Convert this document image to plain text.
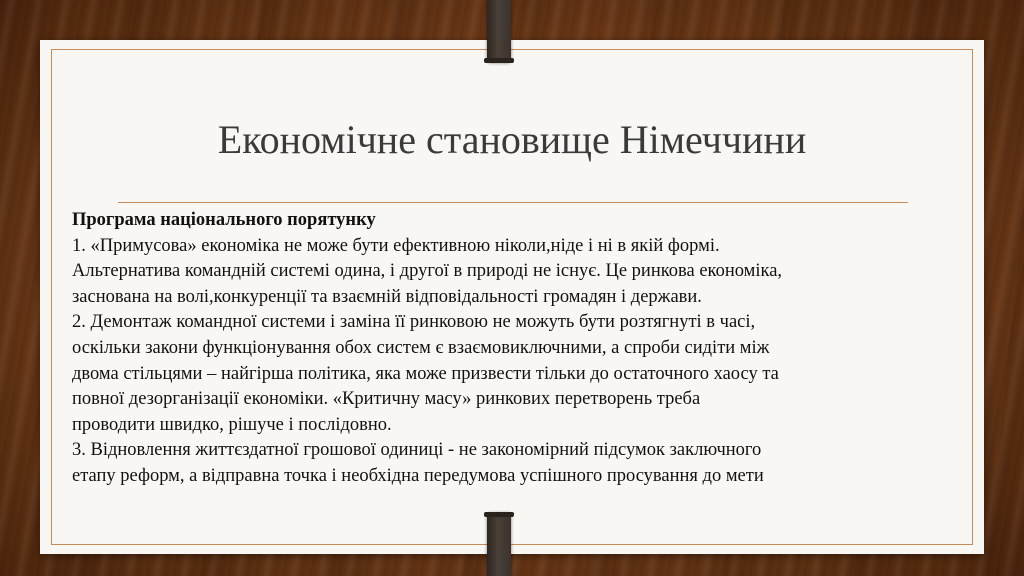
Економічне становище Німеччини

Програма національного порятунку

1. «Примусова» економіка не може бути ефективною ніколи,ніде і ні в якій формі.

Альтернатива командній системі одина, і другої в природі не існує. Це ринкова економіка,

заснована на волі,конкуренції та взаємній відповідальності громадян і держави.

2. Демонтаж командної системи і заміна її ринковою не можуть бути розтягнуті в часі,

оскільки закони функціонування обох систем є взаємовиключними, а спроби сидіти між

двома стільцями – найгірша політика, яка може призвести тільки до остаточного хаосу та

повної дезорганізації економіки. «Критичну масу» ринкових перетворень треба

проводити швидко, рішуче і послідовно.

3. Відновлення життєздатної грошової одиниці - не закономірний підсумок заключного

етапу реформ, а відправна точка і необхідна передумова успішного просування до мети
